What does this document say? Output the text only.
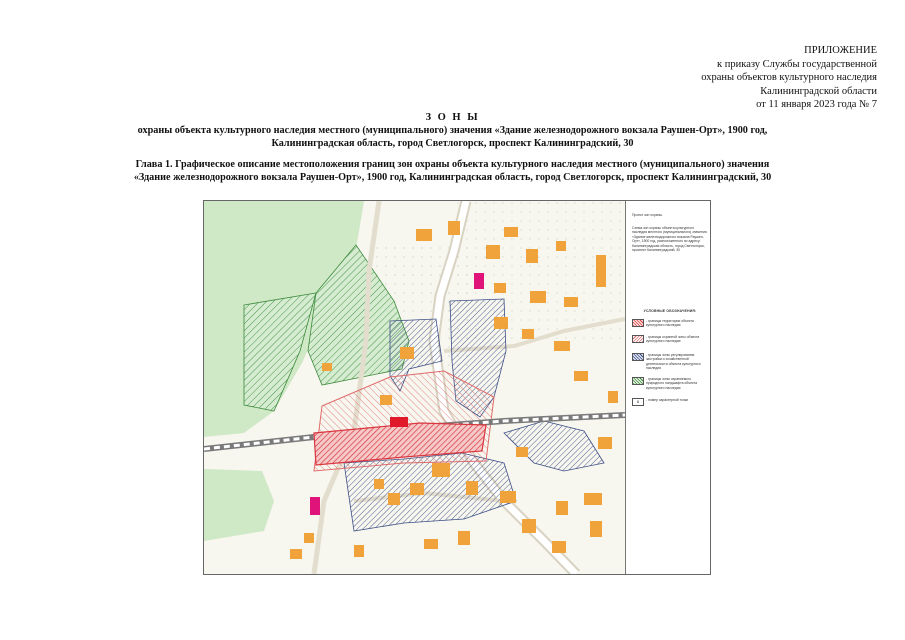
ПРИЛОЖЕНИЕ
к приказу Службы государственной
охраны объектов культурного наследия
Калининградской области
от 11 января 2023 года № 7
З О Н Ы
охраны объекта культурного наследия местного (муниципального) значения «Здание железнодорожного вокзала Раушен-Орт», 1900 год,
Калининградская область, город Светлогорск, проспект Калининградский, 30
Глава 1. Графическое описание местоположения границ зон охраны объекта культурного наследия местного (муниципального) значения
«Здание железнодорожного вокзала Раушен-Орт», 1900 год, Калининградская область, город Светлогорск, проспект Калининградский, 30
Проект зон охраны.
Схема зон охраны объекта культурного наследия местного (муниципального) значения «Здание железнодорожного вокзала Раушен-Орт», 1900 год, расположенного по адресу: Калининградская область, город Светлогорск, проспект Калининградский, 30
УСЛОВНЫЕ ОБОЗНАЧЕНИЯ:
- границы территории объекта культурного наследия
- границы охранной зоны объекта культурного наследия
- границы зоны регулирования застройки и хозяйственной деятельности объекта культурного наследия
- границы зоны охраняемого природного ландшафта объекта культурного наследия
8	- номер характерной точки
